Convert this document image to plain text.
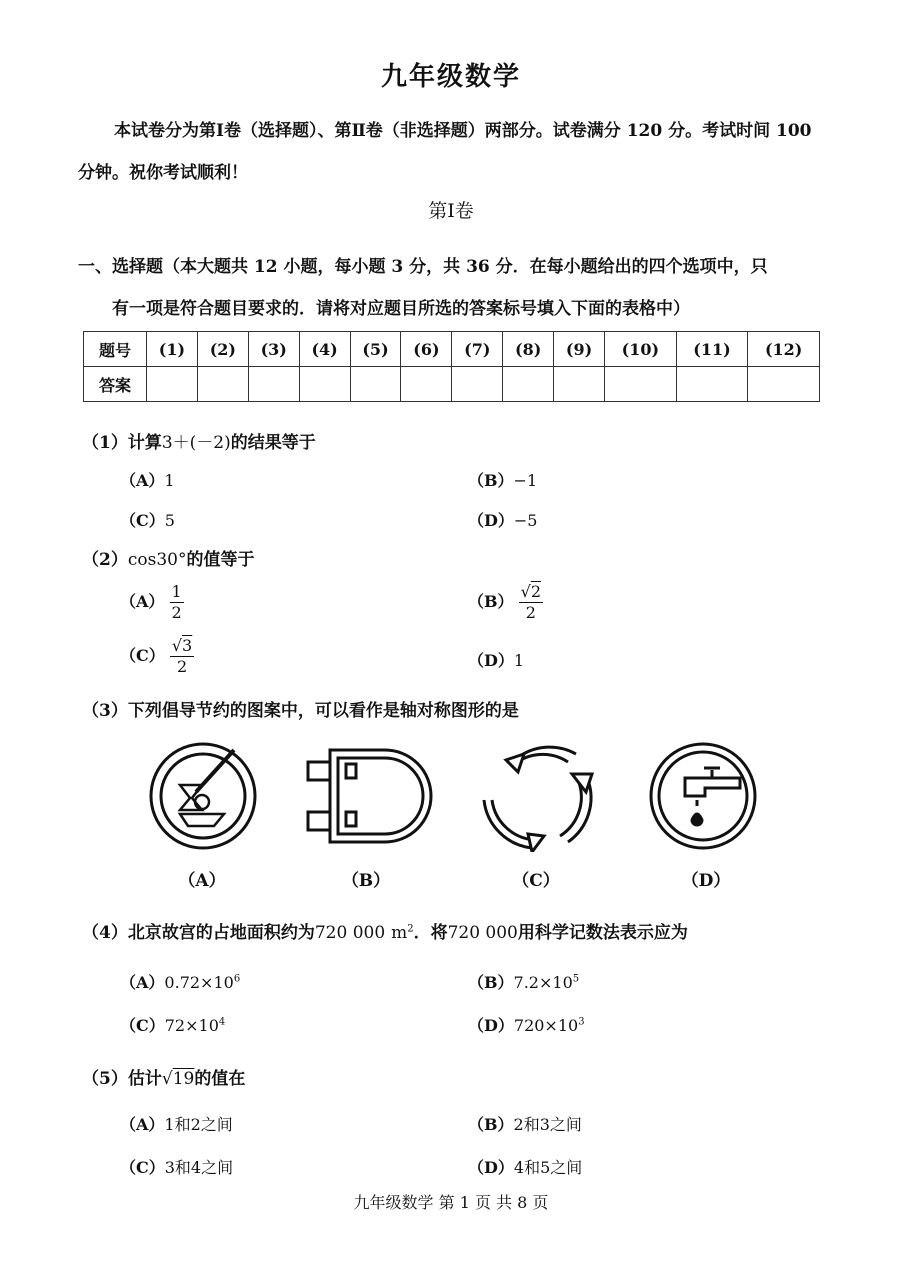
九年级数学
本试卷分为第Ⅰ卷（选择题）、第Ⅱ卷（非选择题）两部分。试卷满分 120 分。考试时间 100 分钟。祝你考试顺利！
第Ⅰ卷
一、选择题（本大题共 12 小题，每小题 3 分，共 36 分．在每小题给出的四个选项中，只
有一项是符合题目要求的．请将对应题目所选的答案标号填入下面的表格中）
题号	(1)	(2)	(3)	(4)	(5)	(6)	(7)	(8)	(9)	(10)	(11)	(12)
答案												
（1）计算3＋(－2)的结果等于
（A）1	（B）−1
（C）5	（D）−5
（2）cos30°的值等于
$(A) \frac{1}{2}$	$(B) \frac{√2}{2}$
$(C) \frac{√3}{2}$	（D）1
（3）下列倡导节约的图案中，可以看作是轴对称图形的是
（A）	（B）	（C）	（D）
（4）北京故宫的占地面积约为720 000 $m^2$．将720 000用科学记数法表示应为
$(A)0.72\times 10^6$	$(B)7.2\times 10^5$
$(C)72\times 10^4$	$(D)720\times 10^3$
（5）估计√19的值在
（A）1和2之间	（B）2和3之间
（C）3和4之间	（D）4和5之间
九年级数学 第 1 页 共 8 页
